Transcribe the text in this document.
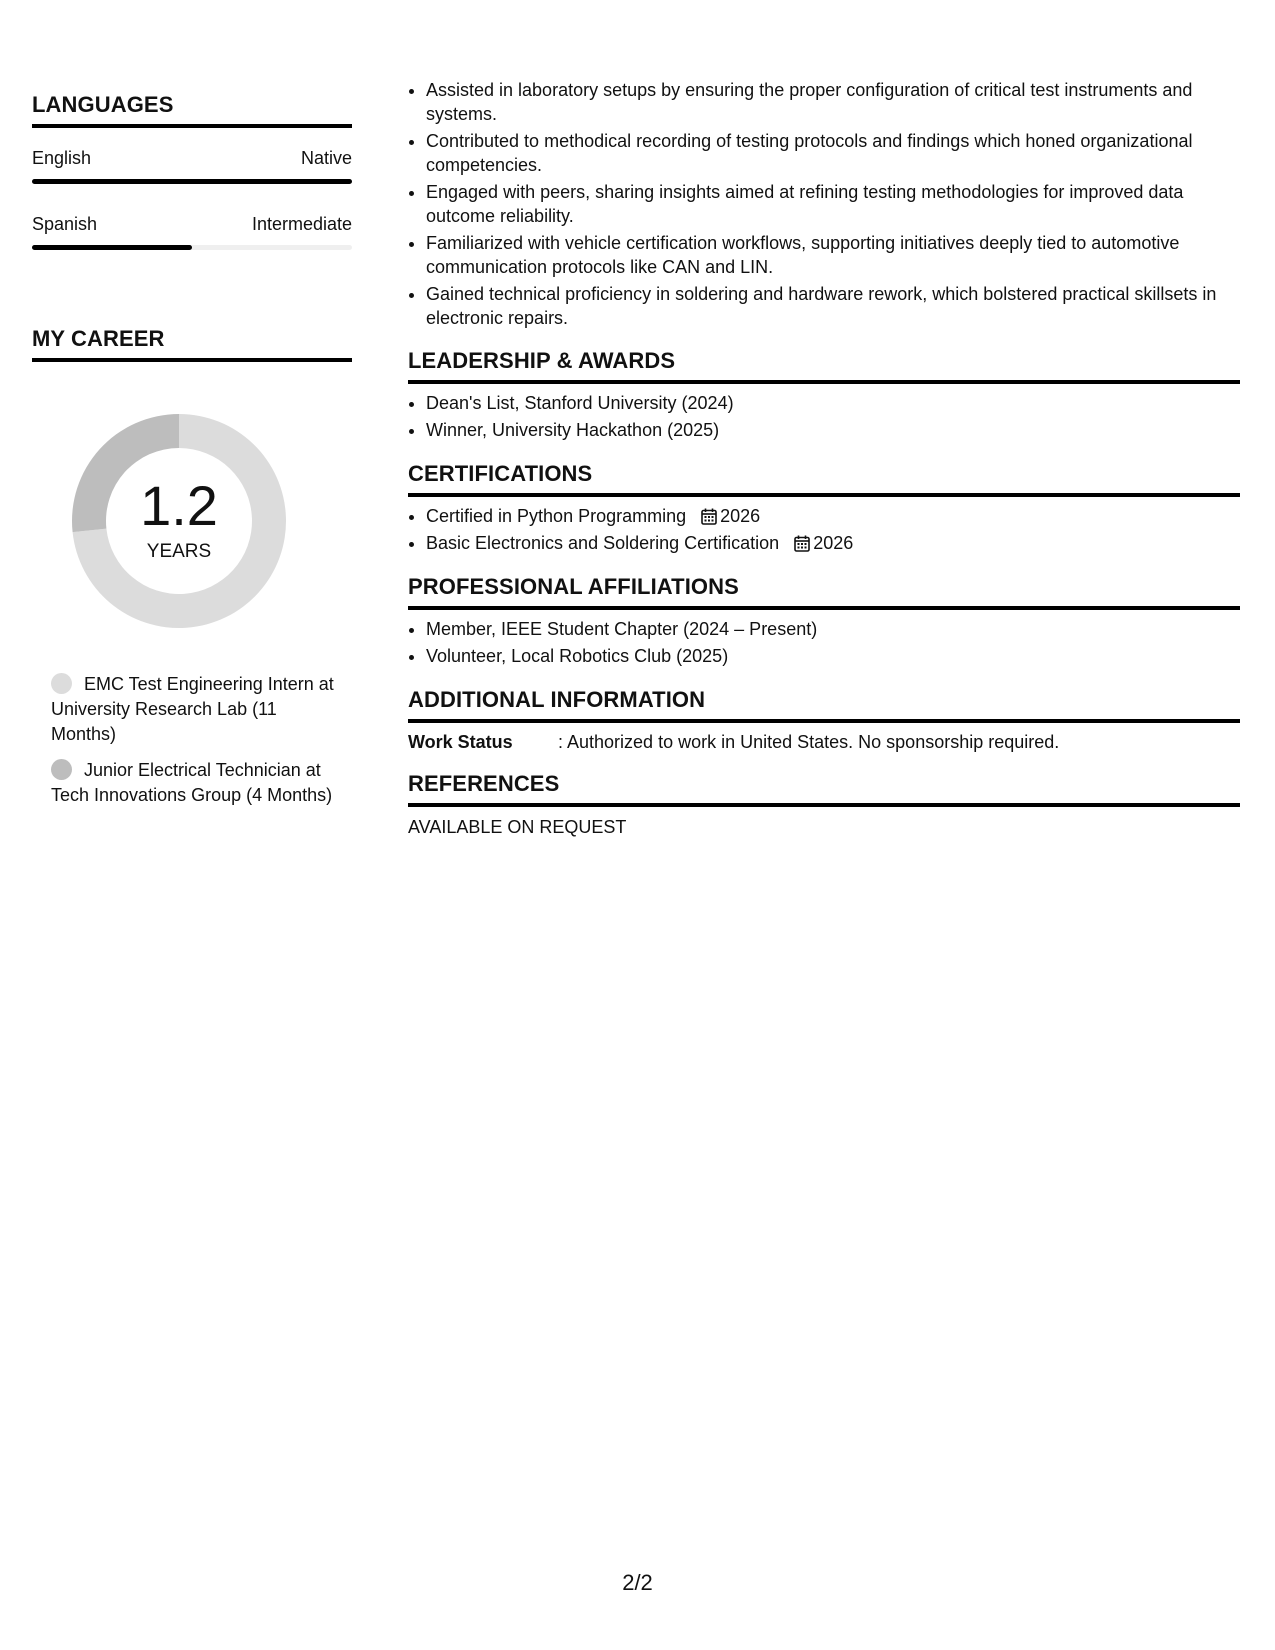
LANGUAGES
English	Native
Spanish	Intermediate
MY CAREER
1.2
YEARS
EMC Test Engineering Intern at University Research Lab (11 Months)
Junior Electrical Technician at Tech Innovations Group (4 Months)
• Assisted in laboratory setups by ensuring the proper configuration of critical test instruments and systems.
• Contributed to methodical recording of testing protocols and findings which honed organizational competencies.
• Engaged with peers, sharing insights aimed at refining testing methodologies for improved data outcome reliability.
• Familiarized with vehicle certification workflows, supporting initiatives deeply tied to automotive communication protocols like CAN and LIN.
• Gained technical proficiency in soldering and hardware rework, which bolstered practical skillsets in electronic repairs.
LEADERSHIP & AWARDS
• Dean's List, Stanford University (2024)
• Winner, University Hackathon (2025)
CERTIFICATIONS
• Certified in Python Programming 2026
• Basic Electronics and Soldering Certification 2026
PROFESSIONAL AFFILIATIONS
• Member, IEEE Student Chapter (2024 – Present)
• Volunteer, Local Robotics Club (2025)
ADDITIONAL INFORMATION
Work Status	: Authorized to work in United States. No sponsorship required.
REFERENCES
AVAILABLE ON REQUEST
2/2
